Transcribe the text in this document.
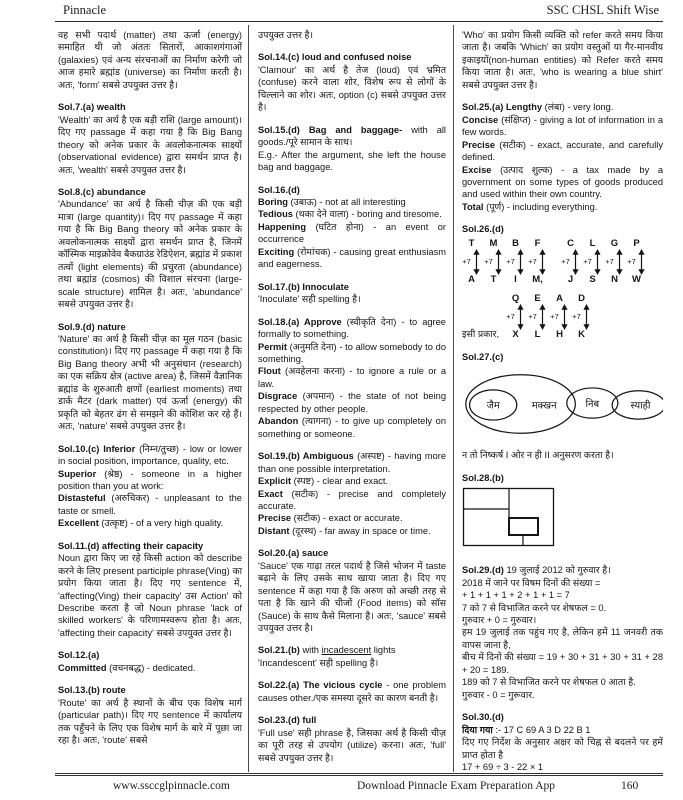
Pinnacle	SSC CHSL Shift Wise

वह सभी पदार्थ (matter) तथा ऊर्जा (energy) समाहित थी जो अंततः सितारों, आकाशगंगाओं (galaxies) एवं अन्य संरचनाओं का निर्माण करेगी जो आज हमारे ब्रह्मांड (universe) का निर्माण करती है। अतः, 'form' सबसे उपयुक्त उत्तर है।

Sol.7.(a) wealth

'Wealth' का अर्थ है एक बड़ी राशि (large amount)। दिए गए passage में कहा गया है कि Big Bang theory को अनेक प्रकार के अवलोकनात्मक साक्ष्यों (observational evidence) द्वारा समर्थन प्राप्त है। अतः, 'wealth' सबसे उपयुक्त उत्तर है।

Sol.8.(c) abundance

'Abundance' का अर्थ है किसी चीज़ की एक बड़ी मात्रा (large quantity)। दिए गए passage में कहा गया है कि Big Bang theory को अनेक प्रकार के अवलोकनात्मक साक्ष्यों द्वारा समर्थन प्राप्त है, जिनमें कॉस्मिक माइक्रोवेव बैकग्राउंड रेडिऐशन, ब्रह्मांड में प्रकाश तत्वों (light elements) की प्रचुरता (abundance) तथा ब्रह्मांड (cosmos) की विशाल संरचना (large-scale structure) शामिल है। अतः, 'abundance' सबसे उपयुक्त उत्तर है।

Sol.9.(d) nature

'Nature' का अर्थ है किसी चीज़ का मूल गठन (basic constitution)। दिए गए passage में कहा गया है कि Big Bang theory अभी भी अनुसंधान (research) का एक सक्रिय क्षेत्र (active area) है, जिसमें वैज्ञानिक ब्रह्मांड के शुरुआती क्षणों (earliest moments) तथा डार्क मैटर (dark matter) एवं ऊर्जा (energy) की प्रकृति को बेहतर ढंग से समझने की कोशिश कर रहे हैं। अतः, 'nature' सबसे उपयुक्त उत्तर है।

Sol.10.(c) Inferior (निम्न/तुच्छ) - low or lower in social position, importance, quality, etc.

Superior (श्रेष्ठ) - someone in a higher position than you at work:

Distasteful (अरुचिकर) - unpleasant to the taste or smell.

Excellent (उत्कृष्ट) - of a very high quality.

Sol.11.(d) affecting their capacity

Noun द्वारा किए जा रहे किसी action को describe करने के लिए present participle phrase(Ving) का प्रयोग किया जाता है। दिए गए sentence में, 'affecting(Ving) their capacity' उस Action' को Describe करता है जो Noun phrase 'lack of skilled workers' के परिणामस्वरूप होता है। अतः, 'affecting their capacity' सबसे उपयुक्त उत्तर है।

Sol.12.(a)

Committed (वचनबद्ध) - dedicated.

Sol.13.(b) route

'Route' का अर्थ है स्थानों के बीच एक विशेष मार्ग (particular path)। दिए गए sentence में कार्यालय तक पहुँचने के लिए एक विशेष मार्ग के बारे में पूछा जा रहा है। अतः, 'route' सबसे

उपयुक्त उत्तर है।

Sol.14.(c) loud and confused noise

'Clamour' का अर्थ है तेज (loud) एवं भ्रमित (confuse) करने वाला शोर, विशेष रूप से लोगों के चिल्लाने का शोर। अतः, option (c) सबसे उपयुक्त उत्तर है।

Sol.15.(d) Bag and baggage- with all goods./पूरे सामान के साथ।

E.g.- After the argument, she left the house bag and baggage.

Sol.16.(d)

Boring (उबाऊ) - not at all interesting

Tedious (थका देने वाला) - boring and tiresome.

Happening (घटित होना) - an event or occurrence

Exciting (रोमांचक) - causing great enthusiasm and eagerness.

Sol.17.(b) Innoculate

'Inoculate' सही spelling है।

Sol.18.(a) Approve (स्वीकृति देना) - to agree formally to something.

Permit (अनुमति देना) - to allow somebody to do something.

Flout (अवहेलना करना) - to ignore a rule or a law.

Disgrace (अपमान) - the state of not being respected by other people.

Abandon (त्यागना) - to give up completely on something or someone.

Sol.19.(b) Ambiguous (अस्पष्ट) - having more than one possible interpretation.

Explicit (स्पष्ट) - clear and exact.

Exact (सटीक) - precise and completely accurate.

Precise (सटीक) - exact or accurate.

Distant (दूरस्थ) - far away in space or time.

Sol.20.(a) sauce

'Sauce' एक गाढ़ा तरल पदार्थ है जिसे भोजन में taste बढ़ाने के लिए उसके साथ खाया जाता है। दिए गए sentence में कहा गया है कि अरुण को अच्छी तरह से पता है कि खाने की चीजों (Food items) को सॉस (Sauce) के साथ कैसे मिलाना है। अतः, 'sauce' सबसे उपयुक्त उत्तर है।

Sol.21.(b) with incadescent lights

'Incandescent' सही spelling है।

Sol.22.(a) The vicious cycle - one problem causes other./एक समस्या दूसरे का कारण बनती है।

Sol.23.(d) full

'Full use' सही phrase है, जिसका अर्थ है किसी चीज़ का पूरी तरह से उपयोग (utilize) करना। अतः, 'full' सबसे उपयुक्त उत्तर है।

'Who' का प्रयोग किसी व्यक्ति को refer करते समय किया जाता है। जबकि 'Which' का प्रयोग वस्तुओं या गैर-मानवीय इकाइयों(non-human entities) को Refer करते समय किया जाता है। अतः, 'who is wearing a blue shirt' सबसे उपयुक्त उत्तर है।

Sol.25.(a) Lengthy (लंबा) - very long.

Concise (संक्षिप्त) - giving a lot of information in a few words.

Precise (सटीक) - exact, accurate, and carefully defined.

Excise (उत्पाद शुल्क) - a tax made by a government on some types of goods produced and used within their own country.

Total (पूर्ण) - including everything.

Sol.26.(d)

T
+7
A
M
+7
T
B
+7
I
F
+7
M,
C
+7
J
L
+7
S
G
+7
N
P
+7
W
इसी प्रकार,
Q
+7
X
E
+7
L
A
+7
H
D
+7
K

Sol.27.(c)

जैम	मक्खन	निब	स्याही

न तो निष्कर्ष I ओर न ही II अनुसरण करता है।

Sol.28.(b)

Sol.29.(d) 19 जुलाई 2012 को गुरुवार है।

2018 में जाने पर विषम दिनों की संख्या =

+ 1 + 1 + 1 + 2 + 1 + 1 = 7

7 को 7 से विभाजित करने पर शेषफल = 0.

गुरुवार + 0 = गुरुवार।

हम 19 जुलाई तक पहुंच गए है, लेकिन हमें 11 जनवरी तक वापस जाना है,

बीच में दिनों की संख्या = 19 + 30 + 31 + 30 + 31 + 28 + 20 = 189.

189 को 7 से विभाजित करने पर शेषफल 0 आता है.

गुरुवार - 0 = गुरूवार.

Sol.30.(d)

दिया गया :- 17 C 69 A 3 D 22 B 1

दिए गए निर्देश के अनुसार अक्षर को चिह्न से बदलने पर हमें प्राप्त होता है

17 + 69 ÷ 3 - 22 × 1

www.ssccglpinnacle.com	Download Pinnacle Exam Preparation App	160
